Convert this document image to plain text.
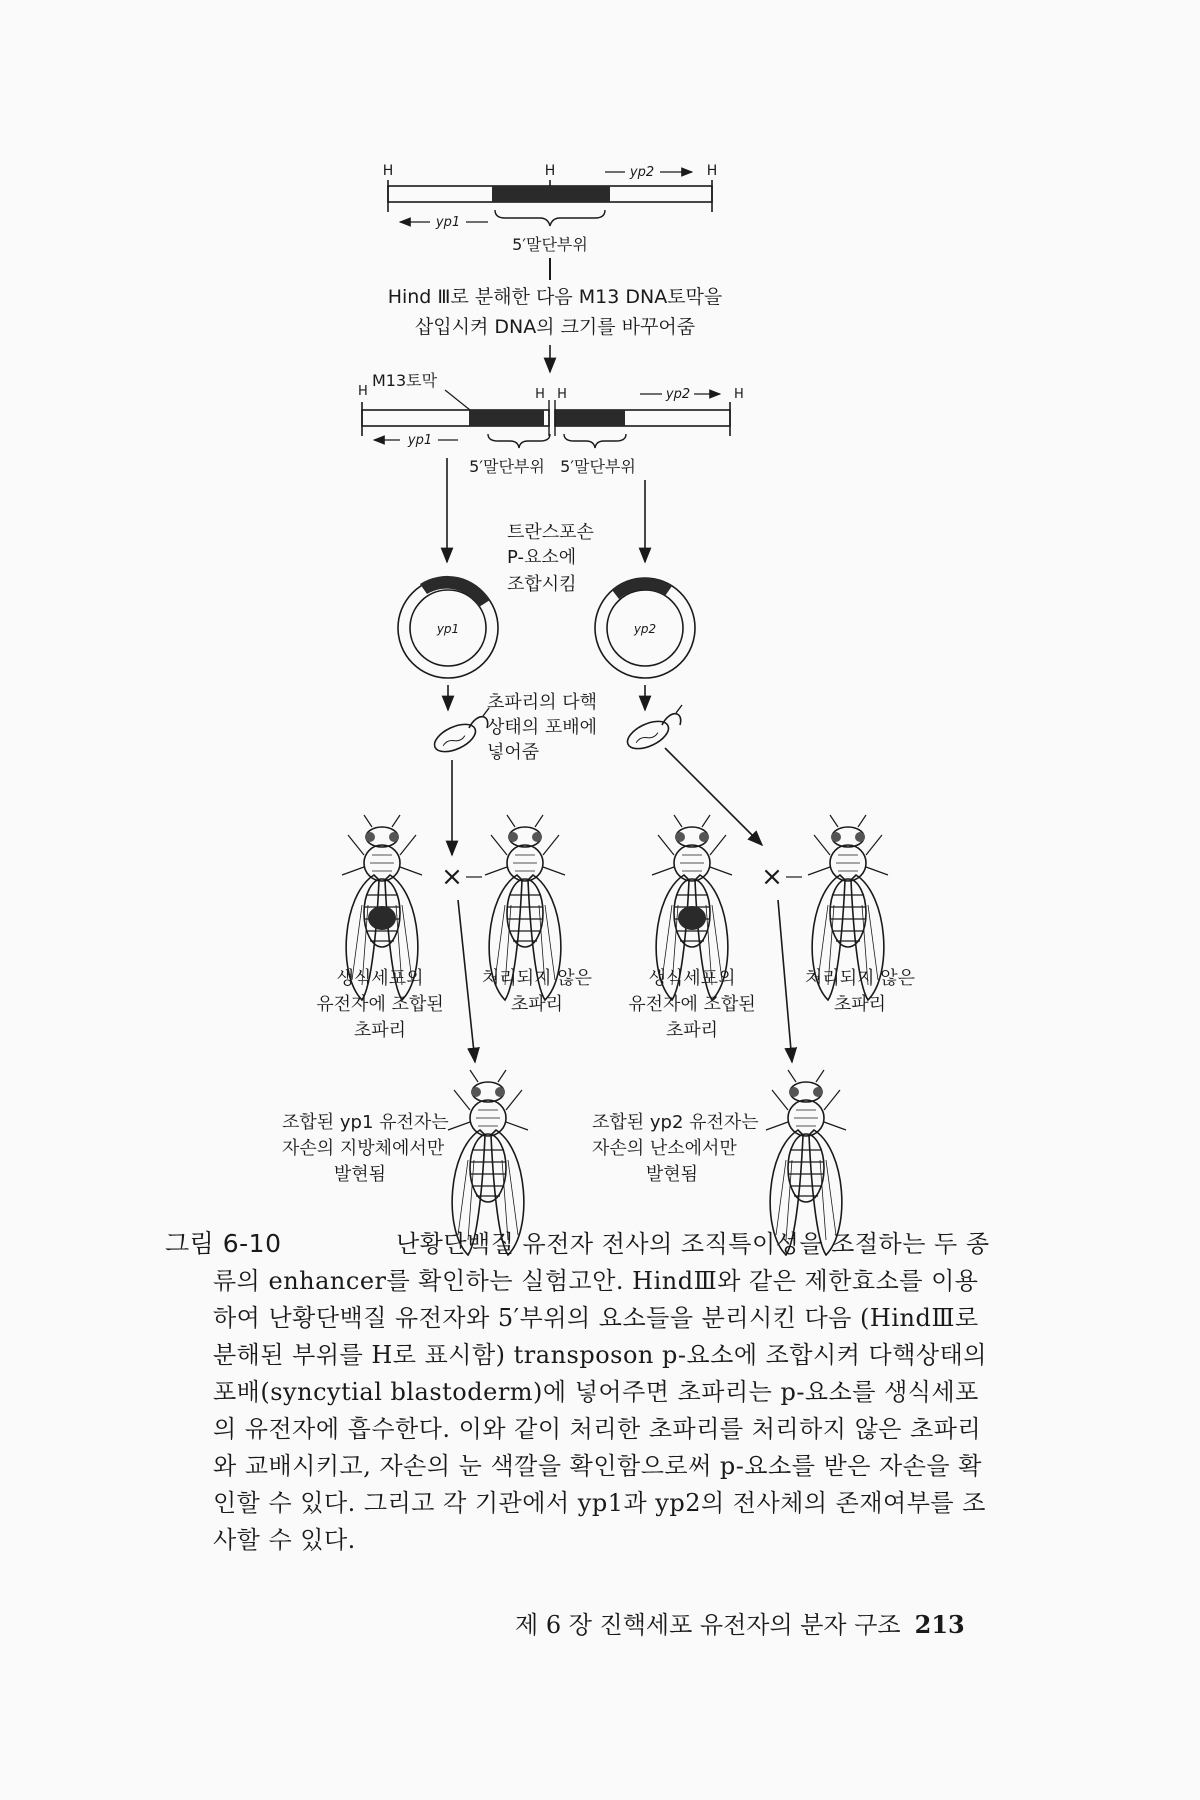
H	H	H
yp2
yp1
5′말단부위
Hind Ⅲ로 분해한 다음 M13 DNA토막을
삽입시켜 DNA의 크기를 바꾸어줌
H
M13토막
H H	H
yp2
yp1
5′말단부위 5′말단부위
트란스포손
P-요소에
조합시킴
yp1	yp2
초파리의 다핵
상태의 포배에
넣어줌
×	×
생식세포의
유전자에 조합된
초파리
처리되지 않은
초파리
생식세포의
유전자에 조합된
초파리
처리되지 않은
초파리
조합된 yp1 유전자는
자손의 지방체에서만
발현됨
조합된 yp2 유전자는
자손의 난소에서만
발현됨
그림 6-10	난황단백질 유전자 전사의 조직특이성을 조절하는 두 종류의 enhancer를 확인하는 실험고안. HindⅢ와 같은 제한효소를 이용하여 난황단백질 유전자와 5′부위의 요소들을 분리시킨 다음 (HindⅢ로 분해된 부위를 H로 표시함) transposon p-요소에 조합시켜 다핵상태의 포배(syncytial blastoderm)에 넣어주면 초파리는 p-요소를 생식세포의 유전자에 흡수한다. 이와 같이 처리한 초파리를 처리하지 않은 초파리와 교배시키고, 자손의 눈 색깔을 확인함으로써 p-요소를 받은 자손을 확인할 수 있다. 그리고 각 기관에서 yp1과 yp2의 전사체의 존재여부를 조사할 수 있다.
제 6 장 진핵세포 유전자의 분자 구조 213
